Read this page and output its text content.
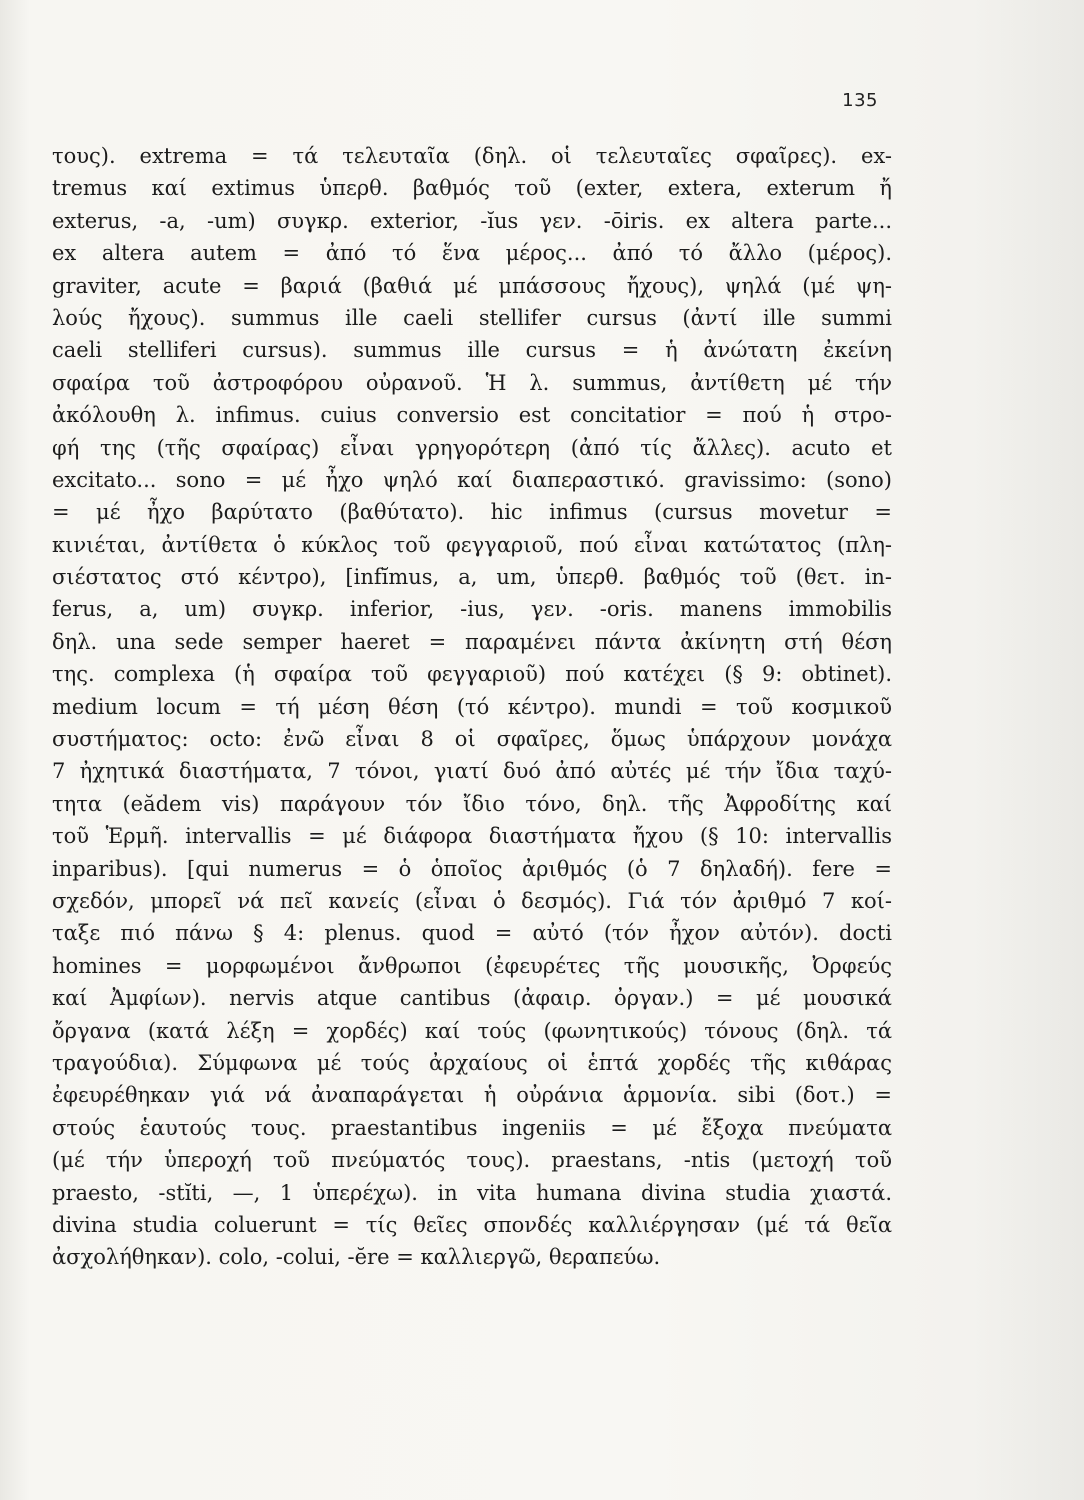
135
τους). extrema = τά τελευταῖα (δηλ. οἱ τελευταῖες σφαῖρες). ex-
tremus καί extimus ὑπερθ. βαθμός τοῦ (exter, extera, exterum ἤ
exterus, -a, -um) συγκρ. exterior, -ĭus γεν. -ōiris. ex altera parte...
ex altera autem = ἀπό τό ἕνα μέρος... ἀπό τό ἄλλο (μέρος).
graviter, acute = βαριά (βαθιά μέ μπάσσους ἤχους), ψηλά (μέ ψη-
λούς ἤχους). summus ille caeli stellifer cursus (ἀντί ille summi
caeli stelliferi cursus). summus ille cursus = ἡ ἀνώτατη ἐκείνη
σφαίρα τοῦ ἀστροφόρου οὐρανοῦ. Ἡ λ. summus, ἀντίθετη μέ τήν
ἀκόλουθη λ. infimus. cuius conversio est concitatior = πού ἡ στρο-
φή της (τῆς σφαίρας) εἶναι γρηγορότερη (ἀπό τίς ἄλλες). acuto et
excitato... sono = μέ ἦχο ψηλό καί διαπεραστικό. gravissimo: (sono)
= μέ ἦχο βαρύτατο (βαθύτατο). hic infimus (cursus movetur =
κινιέται, ἀντίθετα ὁ κύκλος τοῦ φεγγαριοῦ, πού εἶναι κατώτατος (πλη-
σιέστατος στό κέντρο), [infĭmus, a, um, ὑπερθ. βαθμός τοῦ (θετ. in-
ferus, a, um) συγκρ. inferior, -ius, γεν. -oris. manens immobilis
δηλ. una sede semper haeret = παραμένει πάντα ἀκίνητη στή θέση
της. complexa (ἡ σφαίρα τοῦ φεγγαριοῦ) πού κατέχει (§ 9: obtinet).
medium locum = τή μέση θέση (τό κέντρο). mundi = τοῦ κοσμικοῦ
συστήματος: octo: ἐνῶ εἶναι 8 οἱ σφαῖρες, ὅμως ὑπάρχουν μονάχα
7 ἠχητικά διαστήματα, 7 τόνοι, γιατί δυό ἀπό αὐτές μέ τήν ἴδια ταχύ-
τητα (eădem vis) παράγουν τόν ἴδιο τόνο, δηλ. τῆς Ἀφροδίτης καί
τοῦ Ἑρμῆ. intervallis = μέ διάφορα διαστήματα ἤχου (§ 10: intervallis
inparibus). [qui numerus = ὁ ὁποῖος ἀριθμός (ὁ 7 δηλαδή). fere =
σχεδόν, μπορεῖ νά πεῖ κανείς (εἶναι ὁ δεσμός). Γιά τόν ἀριθμό 7 κοί-
ταξε πιό πάνω § 4: plenus. quod = αὐτό (τόν ἦχον αὐτόν). docti
homines = μορφωμένοι ἄνθρωποι (ἐφευρέτες τῆς μουσικῆς, Ὀρφεύς
καί Ἀμφίων). nervis atque cantibus (ἀφαιρ. ὀργαν.) = μέ μουσικά
ὄργανα (κατά λέξη = χορδές) καί τούς (φωνητικούς) τόνους (δηλ. τά
τραγούδια). Σύμφωνα μέ τούς ἀρχαίους οἱ ἑπτά χορδές τῆς κιθάρας
ἐφευρέθηκαν γιά νά ἀναπαράγεται ἡ οὐράνια ἁρμονία. sibi (δοτ.) =
στούς ἑαυτούς τους. praestantibus ingeniis = μέ ἔξοχα πνεύματα
(μέ τήν ὑπεροχή τοῦ πνεύματός τους). praestans, -ntis (μετοχή τοῦ
praesto, -stĭti, —, 1 ὑπερέχω). in vita humana divina studia χιαστά.
divina studia coluerunt = τίς θεῖες σπονδές καλλιέργησαν (μέ τά θεῖα
ἀσχολήθηκαν). colo, -colui, -ĕre = καλλιεργῶ, θεραπεύω.
